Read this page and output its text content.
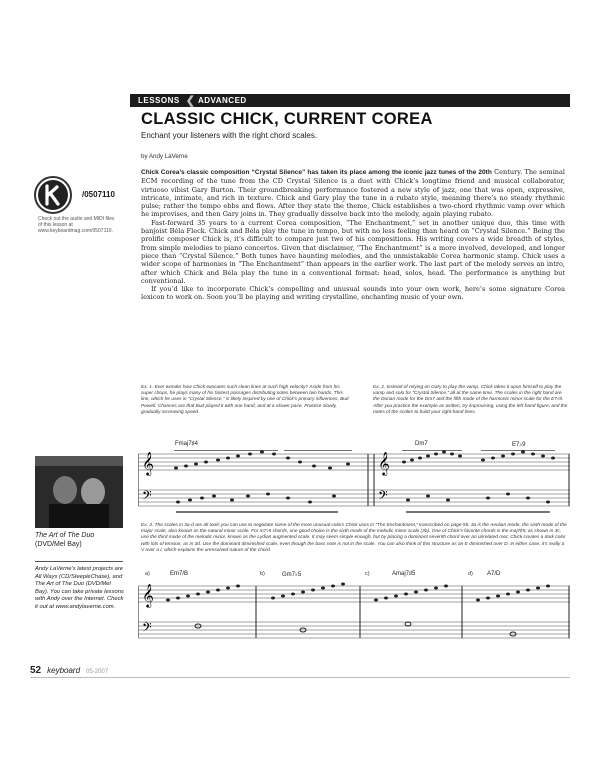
LESSONS ❮ ADVANCED
CLASSIC CHICK, CURRENT COREA
Enchant your listeners with the right chord scales.
by Andy LaVerne

Chick Corea’s classic composition “Crystal Silence” has taken its place among the iconic jazz tunes of the 20th Century. The seminal ECM recording of the tune from the CD Crystal Silence is a duet with Chick’s longtime friend and musical collaborator, virtuoso vibist Gary Burton. Their groundbreaking performance fostered a new style of jazz, one that was open, expressive, intricate, intimate, and rich in texture. Chick and Gary play the tune in a rubato style, meaning there’s no steady rhythmic pulse; rather the tempo ebbs and flows. After they state the theme, Chick establishes a two-chord rhythmic vamp over which he improvises, and then Gary joins in. They gradually dissolve back into the melody, again playing rubato.

Fast-forward 35 years to a current Corea composition, “The Enchantment,” set in another unique duo, this time with banjoist Béla Fleck. Chick and Béla play the tune in tempo, but with no less feeling than heard on “Crystal Silence.” Being the prolific composer Chick is, it’s difficult to compare just two of his compositions. His writing covers a wide breadth of styles, from simple melodies to piano concertos. Given that disclaimer, “The Enchantment” is a more involved, developed, and longer piece than “Crystal Silence.” Both tunes have haunting melodies, and the unmistakable Corea harmonic stamp. Chick uses a wider scope of harmonies in “The Enchantment” than appears in the earlier work. The last part of the melody serves an intro, after which Chick and Béla play the tune in a conventional format: head, solos, head. The performance is anything but conventional.

If you’d like to incorporate Chick’s compelling and unusual sounds into your own work, here’s some signature Corea lexicon to work on. Soon you’ll be playing and writing crystalline, enchanting music of your own.

/0507110
Check out the audio and MIDI files of this lesson at www.keyboardmag.com/0507110.
Ex. 1. Ever wonder how Chick executes such clean lines at such high velocity? Aside from his super chops, he plays many of his fastest passages distributing notes between two hands. This line, which he uses in “Crystal Silence,” is likely inspired by one of Chick’s primary influences, Bud Powell. Chances are that Bud played it with one hand, and at a slower pace. Practice slowly, gradually increasing speed.
Ex. 2. Instead of relying on Gary to play the vamp, Chick takes it upon himself to play the vamp and solo for “Crystal Silence,” all at the same time. The scales in the right hand are the Dorian mode for the Dm7 and the fifth mode of the harmonic minor scale for the E7♭9. After you practice the example as written, try improvising, using the left-hand figure, and the notes of the scales to build your right-hand lines.
Fmaj7♯4	Dm7	E7♭9
𝄞
𝄢
𝄞
𝄢
Ex. 3. The scales in 3a-d are all tools you can use to negotiate some of the more unusual colors Chick uses in “The Enchantment,” transcribed on page 55. 3a is the Aeolian mode, the sixth mode of the major scale, also known as the natural minor scale. For m7♭5 chords, one good choice is the sixth mode of the melodic minor scale (3b). One of Chick’s favorite chords is the maj7♯5; as shown in 3c, use the third mode of the melodic minor, known as the Lydian augmented scale. It may seem simple enough, but by placing a dominant seventh chord over an unrelated root, Chick creates a dark color with lots of tension, as in 3d. Use the dominant diminished scale, even though the bass note is not in the scale. You can also think of this structure as an E diminished over D. In either case, it’s really a V over a I, which explains the unresolved nature of the chord.
a)	Em7/B	b)	Gm7♭5	c)	Amaj7♯5	d) A7/D
𝄞
𝄢
The Art of The Duo
(DVD/Mel Bay)
Andy LaVerne’s latest projects are All Ways (CD/SteepleChase), and The Art of The Duo (DVD/Mel Bay). You can take private lessons with Andy over the Internet. Check it out at www.andylaverne.com.
52 keyboard 05-2007
